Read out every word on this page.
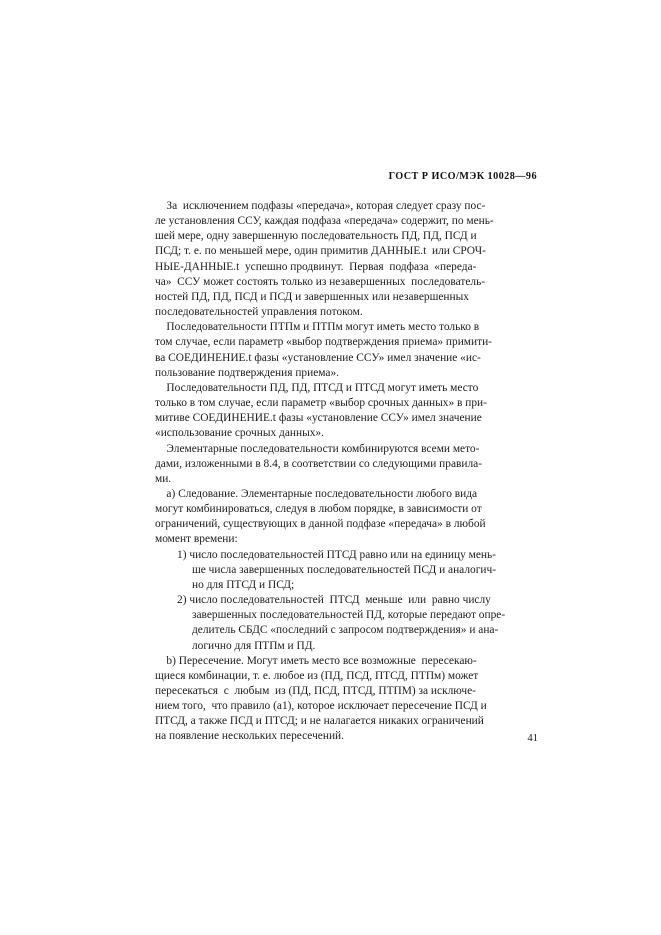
ГОСТ Р ИСО/МЭК 10028—96
За  исключением подфазы «передача», которая следует сразу пос-
ле установления ССУ, каждая подфаза «передача» содержит, по мень-
шей мере, одну завершенную последовательность ПД, ПД, ПСД и
ПСД; т. е. по меньшей мере, один примитив ДАННЫЕ.t  или СРОЧ-
НЫЕ-ДАННЫЕ.t  успешно продвинут.  Первая  подфаза  «переда-
ча»  ССУ может состоять только из незавершенных  последователь-
ностей ПД, ПД, ПСД и ПСД и завершенных или незавершенных
последовательностей управления потоком.
Последовательности ПТПм и ПТПм могут иметь место только в
том случае, если параметр «выбор подтверждения приема» примити-
ва СОЕДИНЕНИЕ.t фазы «установление ССУ» имел значение «ис-
пользование подтверждения приема».
Последовательности ПД, ПД, ПТСД и ПТСД могут иметь место
только в том случае, если параметр «выбор срочных данных» в при-
митиве СОЕДИНЕНИЕ.t фазы «установление ССУ» имел значение
«использование срочных данных».
Элементарные последовательности комбинируются всеми мето-
дами, изложенными в 8.4, в соответствии со следующими правила-
ми.
a) Следование. Элементарные последовательности любого вида
могут комбинироваться, следуя в любом порядке, в зависимости от
ограничений, существующих в данной подфазе «передача» в любой
момент времени:
1) число последовательностей ПТСД равно или на единицу мень-
ше числа завершенных последовательностей ПСД и аналогич-
но для ПТСД и ПСД;
2) число последовательностей  ПТСД  меньше  или  равно числу
завершенных последовательностей ПД, которые передают опре-
делитель СБДС «последний с запросом подтверждения» и ана-
логично для ПТПм и ПД.
b) Пересечение. Могут иметь место все возможные  пересекаю-
щиеся комбинации, т. е. любое из (ПД, ПСД, ПТСД, ПТПм) может
пересекаться  с  любым  из (ПД, ПСД, ПТСД, ПТПМ) за исключе-
нием того,  что правило (a1), которое исключает пересечение ПСД и
ПТСД, а также ПСД и ПТСД; и не налагается никаких ограничений
на появление нескольких пересечений.	41
